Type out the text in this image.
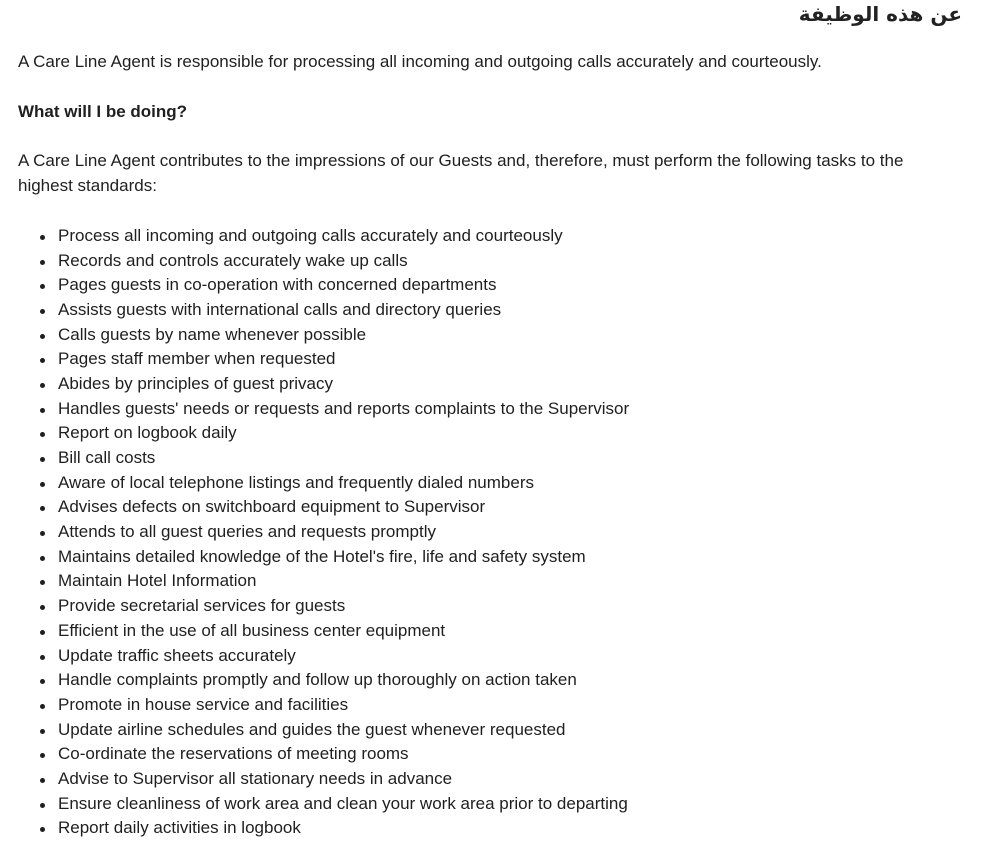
عن هذه الوظيفة

A Care Line Agent is responsible for processing all incoming and outgoing calls accurately and courteously.

What will I be doing?

A Care Line Agent contributes to the impressions of our Guests and, therefore, must perform the following tasks to the highest standards:

Process all incoming and outgoing calls accurately and courteously
Records and controls accurately wake up calls
Pages guests in co-operation with concerned departments
Assists guests with international calls and directory queries
Calls guests by name whenever possible
Pages staff member when requested
Abides by principles of guest privacy
Handles guests' needs or requests and reports complaints to the Supervisor
Report on logbook daily
Bill call costs
Aware of local telephone listings and frequently dialed numbers
Advises defects on switchboard equipment to Supervisor
Attends to all guest queries and requests promptly
Maintains detailed knowledge of the Hotel's fire, life and safety system
Maintain Hotel Information
Provide secretarial services for guests
Efficient in the use of all business center equipment
Update traffic sheets accurately
Handle complaints promptly and follow up thoroughly on action taken
Promote in house service and facilities
Update airline schedules and guides the guest whenever requested
Co-ordinate the reservations of meeting rooms
Advise to Supervisor all stationary needs in advance
Ensure cleanliness of work area and clean your work area prior to departing
Report daily activities in logbook
